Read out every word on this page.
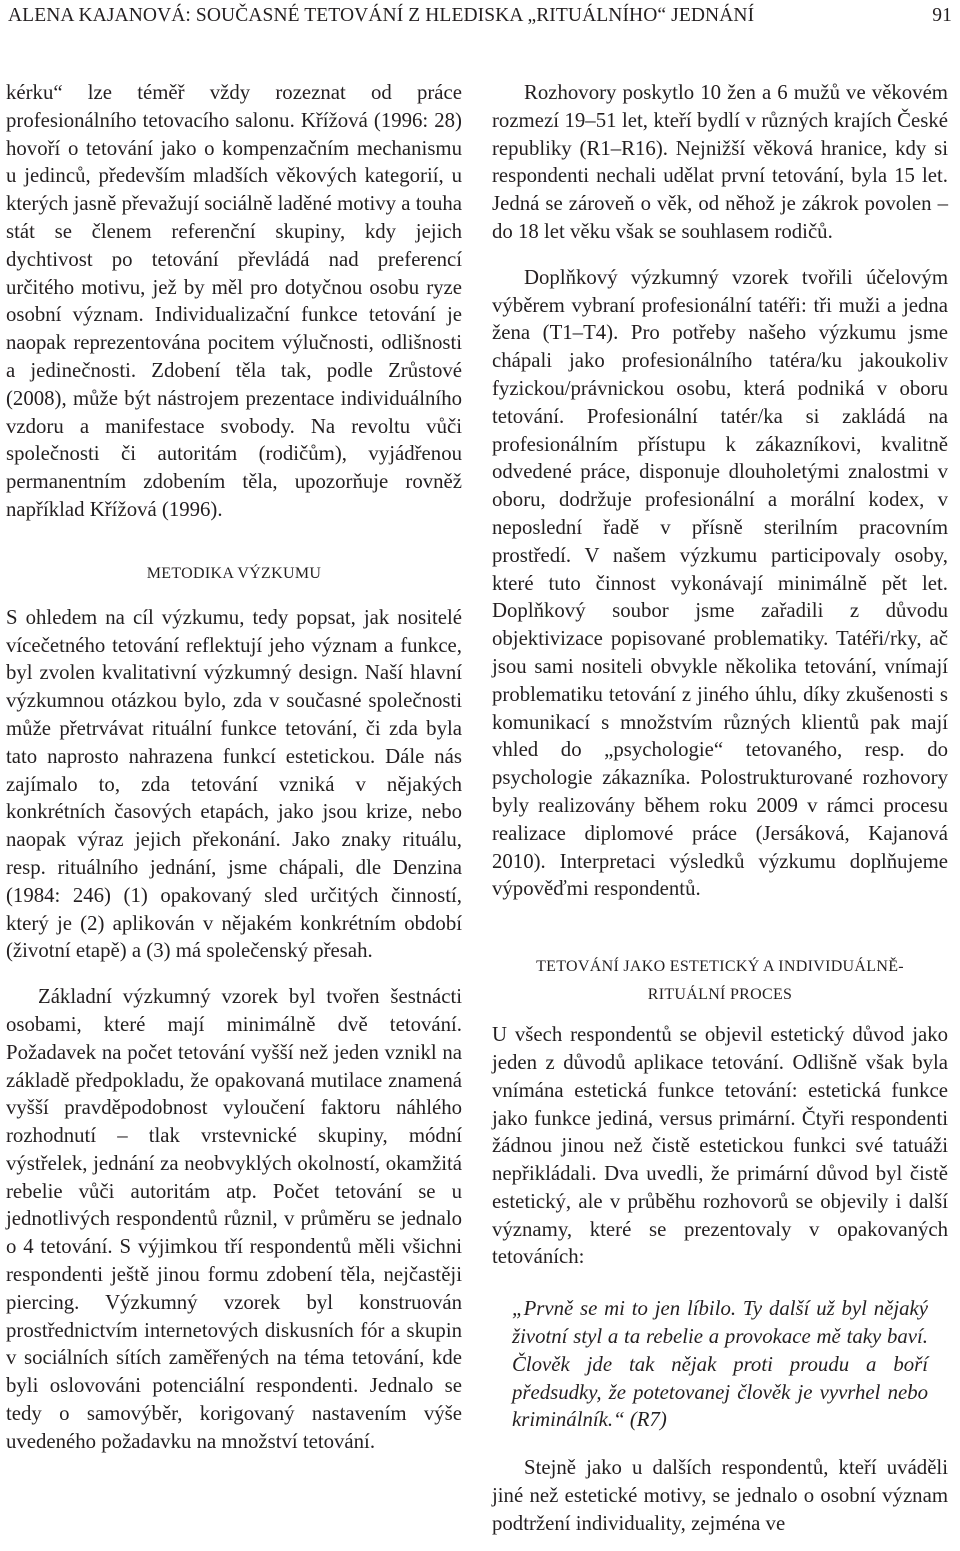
ALENA KAJANOVÁ: SOUČASNÉ TETOVÁNÍ Z HLEDISKA „RITUÁLNÍHO“ JEDNÁNÍ	91

kérku“ lze téměř vždy rozeznat od práce profesionálního tetovacího salonu. Křížová (1996: 28) hovoří o tetování jako o kompenzačním mechanismu u jedinců, především mladších věkových kategorií, u kterých jasně převažují sociálně laděné motivy a touha stát se členem referenční skupiny, kdy jejich dychtivost po tetování převládá nad preferencí určitého motivu, jež by měl pro dotyčnou osobu ryze osobní význam. Individualizační funkce tetování je naopak reprezentována pocitem výlučnosti, odlišnosti a jedinečnosti. Zdobení těla tak, podle Zrůstové (2008), může být nástrojem prezentace individuálního vzdoru a manifestace svobody. Na revoltu vůči společnosti či autoritám (rodičům), vyjádřenou permanentním zdobením těla, upozorňuje rovněž například Křížová (1996).

METODIKA VÝZKUMU

S ohledem na cíl výzkumu, tedy popsat, jak nositelé vícečetného tetování reflektují jeho význam a funkce, byl zvolen kvalitativní výzkumný design. Naší hlavní výzkumnou otázkou bylo, zda v současné společnosti může přetrvávat rituální funkce tetování, či zda byla tato naprosto nahrazena funkcí estetickou. Dále nás zajímalo to, zda tetování vzniká v nějakých konkrétních časových etapách, jako jsou krize, nebo naopak výraz jejich překonání. Jako znaky rituálu, resp. rituálního jednání, jsme chápali, dle Denzina (1984: 246) (1) opakovaný sled určitých činností, který je (2) aplikován v nějakém konkrétním období (životní etapě) a (3) má společenský přesah.

Základní výzkumný vzorek byl tvořen šestnácti osobami, které mají minimálně dvě tetování. Požadavek na počet tetování vyšší než jeden vznikl na základě předpokladu, že opakovaná mutilace znamená vyšší pravděpodobnost vyloučení faktoru náhlého rozhodnutí – tlak vrstevnické skupiny, módní výstřelek, jednání za neobvyklých okolností, okamžitá rebelie vůči autoritám atp. Počet tetování se u jednotlivých respondentů různil, v průměru se jednalo o 4 tetování. S výjimkou tří respondentů měli všichni respondenti ještě jinou formu zdobení těla, nejčastěji piercing. Výzkumný vzorek byl konstruován prostřednictvím internetových diskusních fór a skupin v sociálních sítích zaměřených na téma tetování, kde byli oslovováni potenciální respondenti. Jednalo se tedy o samovýběr, korigovaný nastavením výše uvedeného požadavku na množství tetování.

Rozhovory poskytlo 10 žen a 6 mužů ve věkovém rozmezí 19–51 let, kteří bydlí v různých krajích České republiky (R1–R16). Nejnižší věková hranice, kdy si respondenti nechali udělat první tetování, byla 15 let. Jedná se zároveň o věk, od něhož je zákrok povolen – do 18 let věku však se souhlasem rodičů.

Doplňkový výzkumný vzorek tvořili účelovým výběrem vybraní profesionální tatéři: tři muži a jedna žena (T1–T4). Pro potřeby našeho výzkumu jsme chápali jako profesionálního tatéra/ku jakoukoliv fyzickou/právnickou osobu, která podniká v oboru tetování. Profesionální tatér/ka si zakládá na profesionálním přístupu k zákazníkovi, kvalitně odvedené práce, disponuje dlouholetými znalostmi v oboru, dodržuje profesionální a morální kodex, v neposlední řadě v přísně sterilním pracovním prostředí. V našem výzkumu participovaly osoby, které tuto činnost vykonávají minimálně pět let. Doplňkový soubor jsme zařadili z důvodu objektivizace popisované problematiky. Tatéři/rky, ač jsou sami nositeli obvykle několika tetování, vnímají problematiku tetování z jiného úhlu, díky zkušenosti s komunikací s množstvím různých klientů pak mají vhled do „psychologie“ tetovaného, resp. do psychologie zákazníka. Polostrukturované rozhovory byly realizovány během roku 2009 v rámci procesu realizace diplomové práce (Jersáková, Kajanová 2010). Interpretaci výsledků výzkumu doplňujeme výpověďmi respondentů.

TETOVÁNÍ JAKO ESTETICKÝ A INDIVIDUÁLNĚ-
RITUÁLNÍ PROCES

U všech respondentů se objevil estetický důvod jako jeden z důvodů aplikace tetování. Odlišně však byla vnímána estetická funkce tetování: estetická funkce jako funkce jediná, versus primární. Čtyři respondenti žádnou jinou než čistě estetickou funkci své tatuáži nepřikládali. Dva uvedli, že primární důvod byl čistě estetický, ale v průběhu rozhovorů se objevily i další významy, které se prezentovaly v opakovaných tetováních:

„Prvně se mi to jen líbilo. Ty další už byl nějaký životní styl a ta rebelie a provokace mě taky baví. Člověk jde tak nějak proti proudu a boří předsudky, že potetovanej člověk je vyvrhel nebo kriminálník.“ (R7)

Stejně jako u dalších respondentů, kteří uváděli jiné než estetické motivy, se jednalo o osobní význam podtržení individuality, zejména ve
